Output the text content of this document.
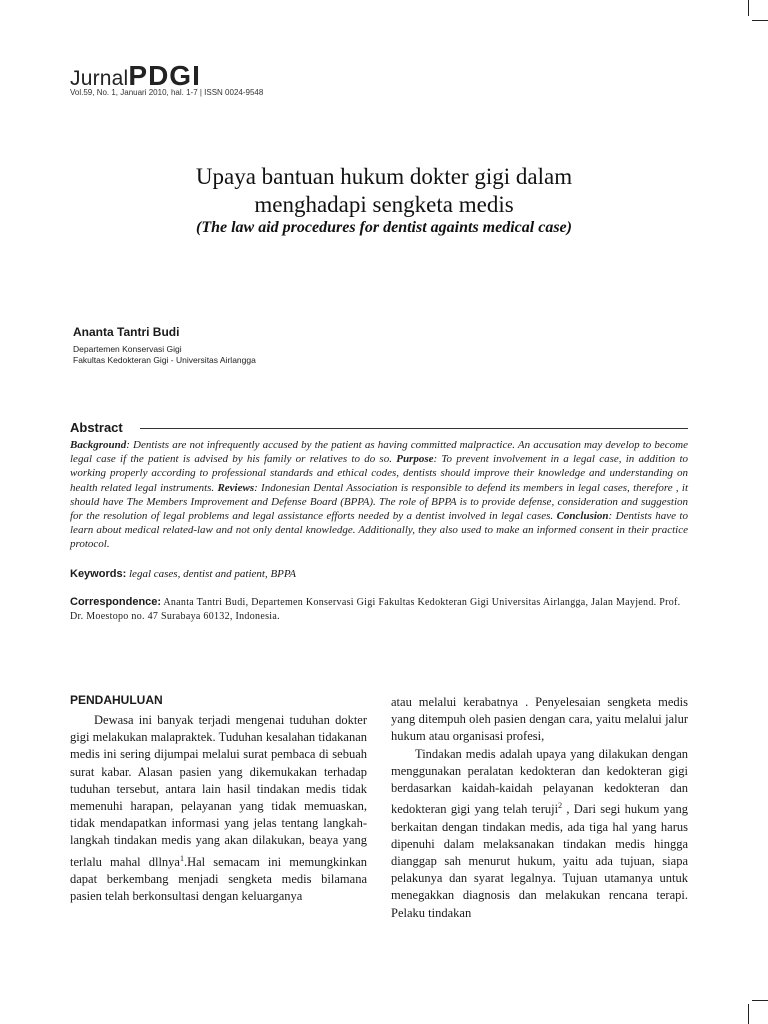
JurnalPDGI
Vol.59, No. 1, Januari 2010, hal. 1-7 | ISSN 0024-9548
Upaya bantuan hukum dokter gigi dalam
menghadapi sengketa medis
(The law aid procedures for dentist againts medical case)
Ananta Tantri Budi
Departemen Konservasi Gigi
Fakultas Kedokteran Gigi - Universitas Airlangga
Abstract
Background: Dentists are not infrequently accused by the patient as having committed malpractice. An accusation may develop to become legal case if the patient is advised by his family or relatives to do so. Purpose: To prevent involvement in a legal case, in addition to working properly according to professional standards and ethical codes, dentists should improve their knowledge and understanding on health related legal instruments. Reviews: Indonesian Dental Association is responsible to defend its members in legal cases, therefore , it should have The Members Improvement and Defense Board (BPPA). The role of BPPA is to provide defense, consideration and suggestion for the resolution of legal problems and legal assistance efforts needed by a dentist involved in legal cases. Conclusion: Dentists have to learn about medical related-law and not only dental knowledge. Additionally, they also used to make an informed consent in their practice protocol.
Keywords: legal cases, dentist and patient, BPPA
Correspondence: Ananta Tantri Budi, Departemen Konservasi Gigi Fakultas Kedokteran Gigi Universitas Airlangga, Jalan Mayjend. Prof. Dr. Moestopo no. 47 Surabaya 60132, Indonesia.
PENDAHULUAN

Dewasa ini banyak terjadi mengenai tuduhan dokter gigi melakukan malapraktek. Tuduhan kesalahan tidakanan medis ini sering dijumpai melalui surat pembaca di sebuah surat kabar. Alasan pasien yang dikemukakan terhadap tuduhan tersebut, antara lain hasil tindakan medis tidak memenuhi harapan, pelayanan yang tidak memuaskan, tidak mendapatkan informasi yang jelas tentang langkah-langkah tindakan medis yang akan dilakukan, beaya yang terlalu mahal dllnya$^1$.Hal semacam ini memungkinkan dapat berkembang menjadi sengketa medis bilamana pasien telah berkonsultasi dengan keluarganya

atau melalui kerabatnya . Penyelesaian sengketa medis yang ditempuh oleh pasien dengan cara, yaitu melalui jalur hukum atau organisasi profesi,

Tindakan medis adalah upaya yang dilakukan dengan menggunakan peralatan kedokteran dan kedokteran gigi berdasarkan kaidah-kaidah pelayanan kedokteran dan kedokteran gigi yang telah teruji$^2$ , Dari segi hukum yang berkaitan dengan tindakan medis, ada tiga hal yang harus dipenuhi dalam melaksanakan tindakan medis hingga dianggap sah menurut hukum, yaitu ada tujuan, siapa pelakunya dan syarat legalnya. Tujuan utamanya untuk menegakkan diagnosis dan melakukan rencana terapi. Pelaku tindakan
